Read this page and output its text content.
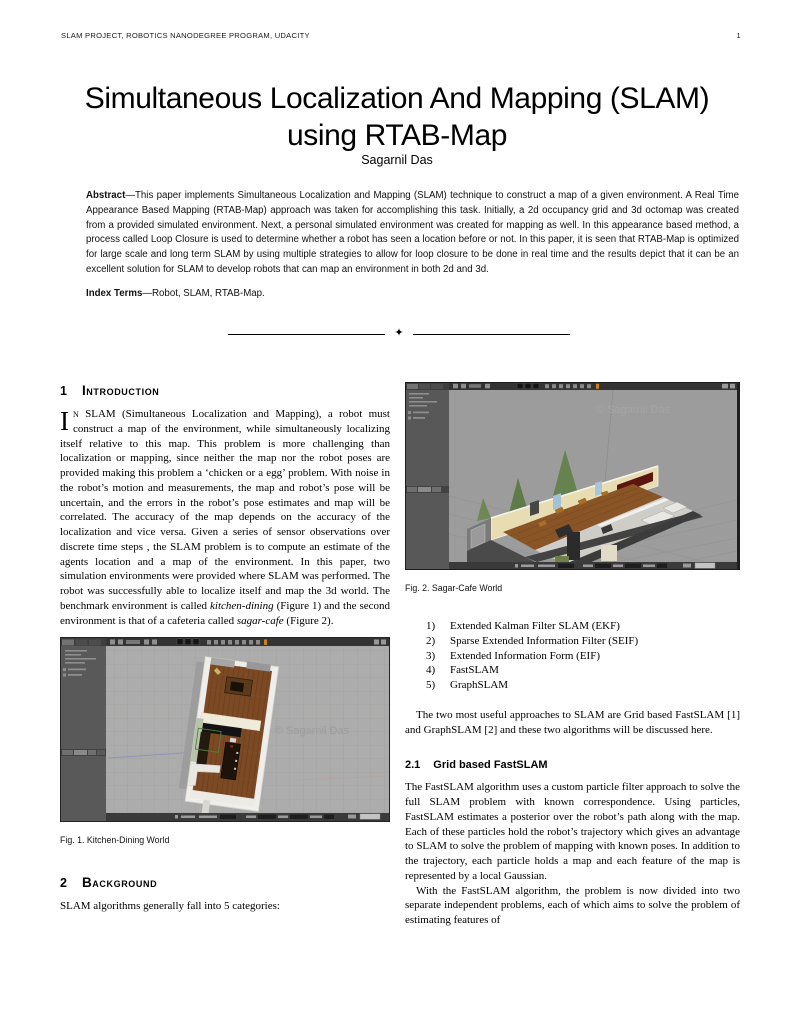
SLAM PROJECT, ROBOTICS NANODEGREE PROGRAM, UDACITY	1
Simultaneous Localization And Mapping (SLAM)
using RTAB-Map
Sagarnil Das
Abstract—This paper implements Simultaneous Localization and Mapping (SLAM) technique to construct a map of a given environment. A Real Time Appearance Based Mapping (RTAB-Map) approach was taken for accomplishing this task. Initially, a 2d occupancy grid and 3d octomap was created from a provided simulated environment. Next, a personal simulated environment was created for mapping as well. In this appearance based method, a process called Loop Closure is used to determine whether a robot has seen a location before or not. In this paper, it is seen that RTAB-Map is optimized for large scale and long term SLAM by using multiple strategies to allow for loop closure to be done in real time and the results depict that it can be an excellent solution for SLAM to develop robots that can map an environment in both 2d and 3d.
Index Terms—Robot, SLAM, RTAB-Map.
✦
1 Introduction

In SLAM (Simultaneous Localization and Mapping), a robot must construct a map of the environment, while simultaneously localizing itself relative to this map. This problem is more challenging than localization or mapping, since neither the map nor the robot poses are provided making this problem a ‘chicken or a egg’ problem. With noise in the robot’s motion and measurements, the map and robot’s pose will be uncertain, and the errors in the robot’s pose estimates and map will be correlated. The accuracy of the map depends on the accuracy of the localization and vice versa. Given a series of sensor observations over discrete time steps , the SLAM problem is to compute an estimate of the agents location and a map of the environment. In this paper, two simulation environments were provided where SLAM was performed. The robot was successfully able to localize itself and map the 3d world. The benchmark environment is called kitchen-dining (Figure 1) and the second environment is that of a cafeteria called sagar-cafe (Figure 2).

© Sagarnil Das
Fig. 1. Kitchen-Dining World
2 Background

SLAM algorithms generally fall into 5 categories:

© Sagarnil Das
Fig. 2. Sagar-Cafe World
1)	Extended Kalman Filter SLAM (EKF)
2)	Sparse Extended Information Filter (SEIF)
3)	Extended Information Form (EIF)
4)	FastSLAM
5)	GraphSLAM

The two most useful approaches to SLAM are Grid based FastSLAM [1] and GraphSLAM [2] and these two algorithms will be discussed here.

2.1 Grid based FastSLAM

The FastSLAM algorithm uses a custom particle filter approach to solve the full SLAM problem with known correspondence. Using particles, FastSLAM estimates a posterior over the robot’s path along with the map. Each of these particles hold the robot’s trajectory which gives an advantage to SLAM to solve the problem of mapping with known poses. In addition to the trajectory, each particle holds a map and each feature of the map is represented by a local Gaussian.

With the FastSLAM algorithm, the problem is now divided into two separate independent problems, each of which aims to solve the problem of estimating features of
